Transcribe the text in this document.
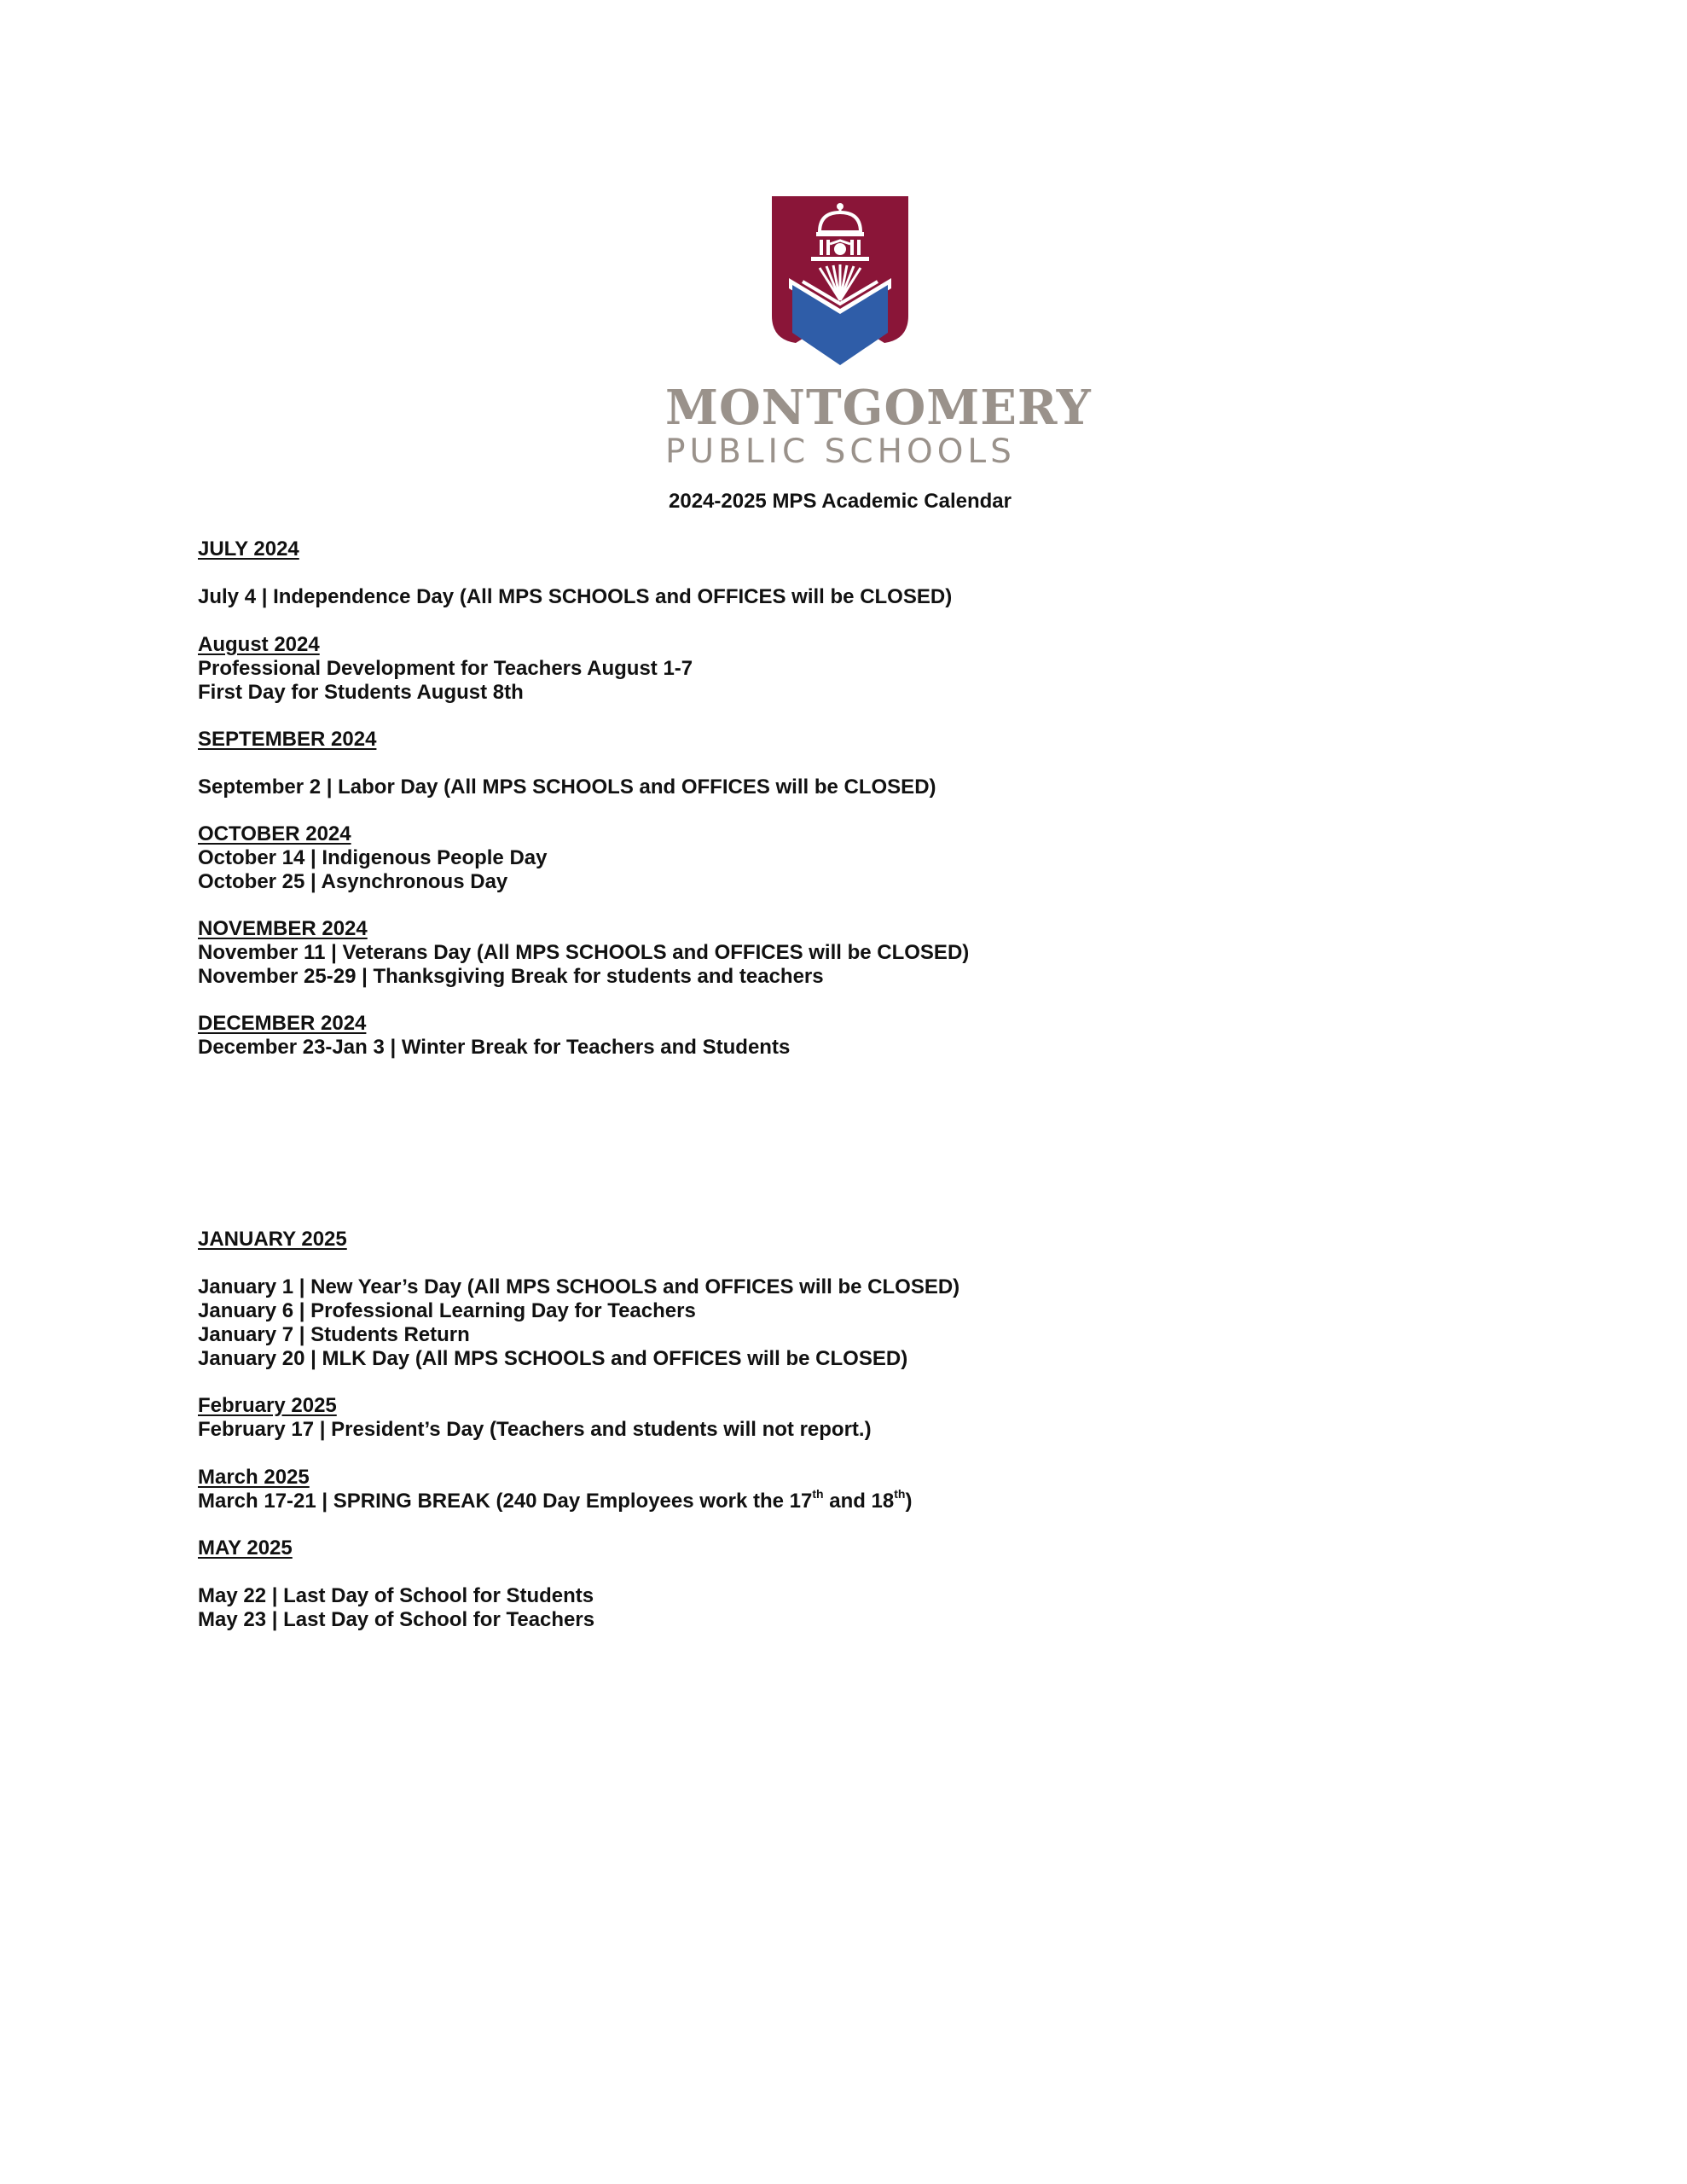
MONTGOMERY
PUBLIC SCHOOLS
2024-2025 MPS Academic Calendar
JULY 2024
July 4 | Independence Day (All MPS SCHOOLS and OFFICES will be CLOSED)
August 2024
Professional Development for Teachers August 1-7
First Day for Students August 8th
SEPTEMBER 2024
September 2 | Labor Day (All MPS SCHOOLS and OFFICES will be CLOSED)
OCTOBER 2024
October 14 | Indigenous People Day
October 25 | Asynchronous Day
NOVEMBER 2024
November 11 | Veterans Day (All MPS SCHOOLS and OFFICES will be CLOSED)
November 25-29 | Thanksgiving Break for students and teachers
DECEMBER 2024
December 23-Jan 3 | Winter Break for Teachers and Students
JANUARY 2025
January 1 | New Year’s Day (All MPS SCHOOLS and OFFICES will be CLOSED)
January 6 | Professional Learning Day for Teachers
January 7 | Students Return
January 20 | MLK Day (All MPS SCHOOLS and OFFICES will be CLOSED)
February 2025
February 17 | President’s Day (Teachers and students will not report.)
March 2025
March 17-21 | SPRING BREAK (240 Day Employees work the 17th and 18th)
MAY 2025
May 22 | Last Day of School for Students
May 23 | Last Day of School for Teachers
